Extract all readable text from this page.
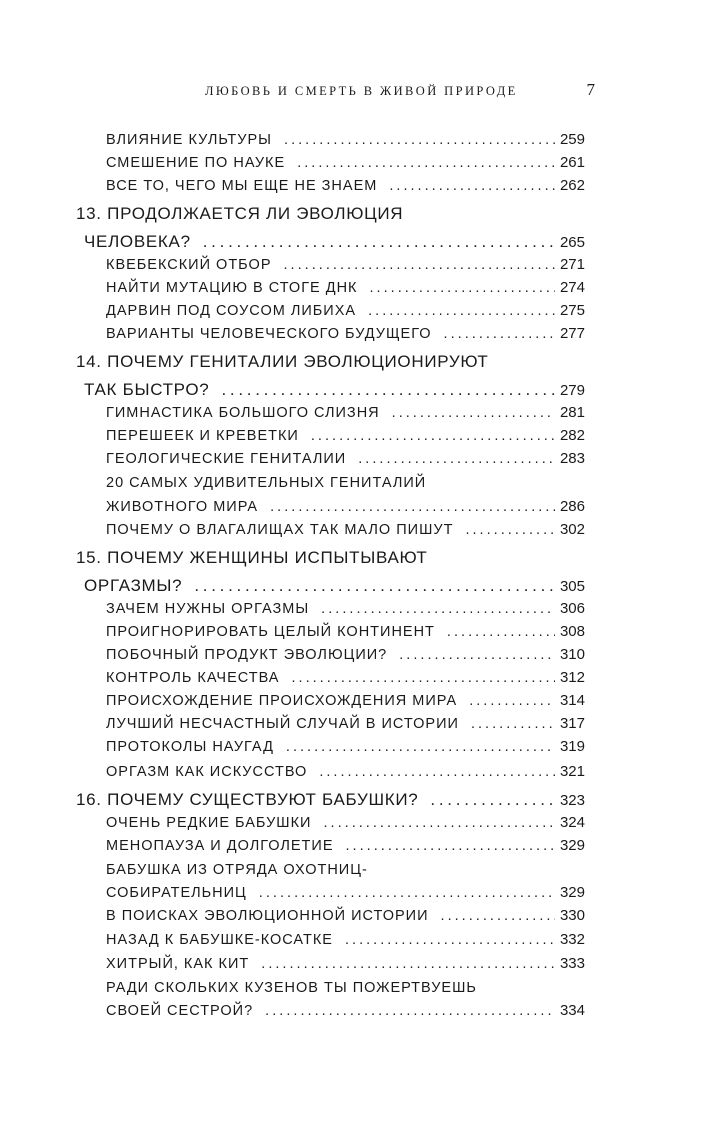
ЛЮБОВЬ И СМЕРТЬ В ЖИВОЙ ПРИРОДЕ	7
ВЛИЯНИЕ КУЛЬТУРЫ . . .	259
СМЕШЕНИЕ ПО НАУКЕ . . .	261
ВСЕ ТО, ЧЕГО МЫ ЕЩЕ НЕ ЗНАЕМ . . .	262
13. ПРОДОЛЖАЕТСЯ ЛИ ЭВОЛЮЦИЯ
ЧЕЛОВЕКА? . . .	265
КВЕБЕКСКИЙ ОТБОР . . .	271
НАЙТИ МУТАЦИЮ В СТОГЕ ДНК . . .	274
ДАРВИН ПОД СОУСОМ ЛИБИХА . . .	275
ВАРИАНТЫ ЧЕЛОВЕЧЕСКОГО БУДУЩЕГО . . .	277
14. ПОЧЕМУ ГЕНИТАЛИИ ЭВОЛЮЦИОНИРУЮТ
ТАК БЫСТРО? . . .	279
ГИМНАСТИКА БОЛЬШОГО СЛИЗНЯ . . .	281
ПЕРЕШЕЕК И КРЕВЕТКИ . . .	282
ГЕОЛОГИЧЕСКИЕ ГЕНИТАЛИИ . . .	283
20 САМЫХ УДИВИТЕЛЬНЫХ ГЕНИТАЛИЙ
ЖИВОТНОГО МИРА . . .	286
ПОЧЕМУ О ВЛАГАЛИЩАХ ТАК МАЛО ПИШУТ . . .	302
15. ПОЧЕМУ ЖЕНЩИНЫ ИСПЫТЫВАЮТ
ОРГАЗМЫ? . . .	305
ЗАЧЕМ НУЖНЫ ОРГАЗМЫ . . .	306
ПРОИГНОРИРОВАТЬ ЦЕЛЫЙ КОНТИНЕНТ . . .	308
ПОБОЧНЫЙ ПРОДУКТ ЭВОЛЮЦИИ? . . .	310
КОНТРОЛЬ КАЧЕСТВА . . .	312
ПРОИСХОЖДЕНИЕ ПРОИСХОЖДЕНИЯ МИРА . . .	314
ЛУЧШИЙ НЕСЧАСТНЫЙ СЛУЧАЙ В ИСТОРИИ . . .	317
ПРОТОКОЛЫ НАУГАД . . .	319
ОРГАЗМ КАК ИСКУССТВО . . .	321
16. ПОЧЕМУ СУЩЕСТВУЮТ БАБУШКИ? . . .	323
ОЧЕНЬ РЕДКИЕ БАБУШКИ . . .	324
МЕНОПАУЗА И ДОЛГОЛЕТИЕ . . .	329
БАБУШКА ИЗ ОТРЯДА ОХОТНИЦ-
СОБИРАТЕЛЬНИЦ . . .	329
В ПОИСКАХ ЭВОЛЮЦИОННОЙ ИСТОРИИ . . .	330
НАЗАД К БАБУШКЕ-КОСАТКЕ . . .	332
ХИТРЫЙ, КАК КИТ . . .	333
РАДИ СКОЛЬКИХ КУЗЕНОВ ТЫ ПОЖЕРТВУЕШЬ
СВОЕЙ СЕСТРОЙ? . . .	334
